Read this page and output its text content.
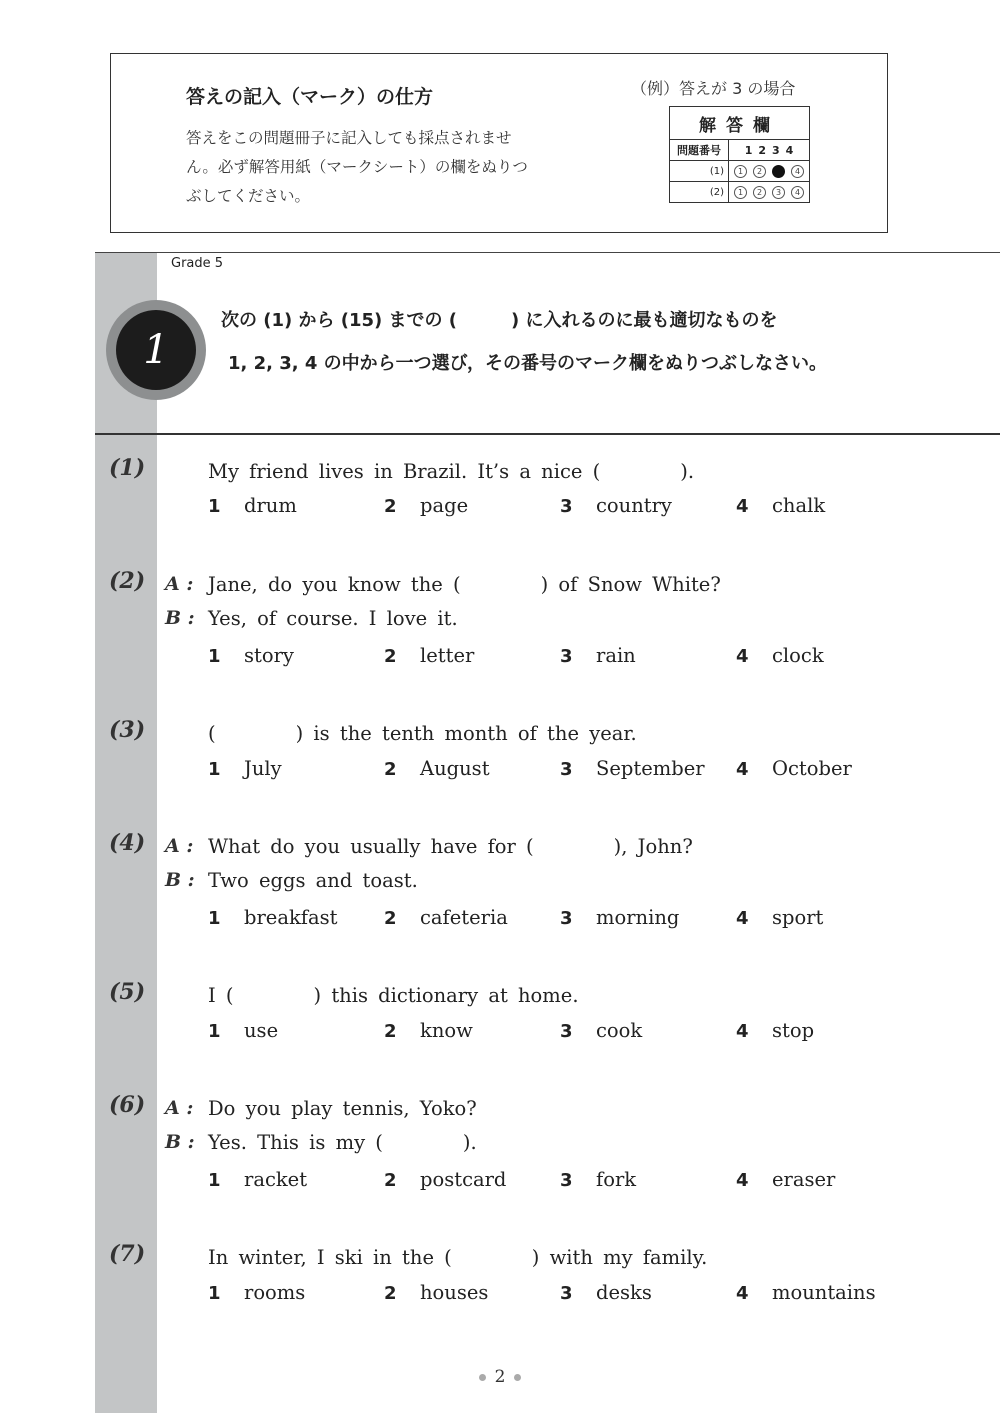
答えの記入（マーク）の仕方
答えをこの問題冊子に記入しても採点されません。必ず解答用紙（マークシート）の欄をぬりつぶしてください。
（例）答えが 3 の場合
解答欄	
問題番号	1 2 3 4
(1)	1 2 4
(2)	1 2 3 4
Grade 5
1
次の (1) から (15) までの (　　　) に入れるのに最も適切なものを
1, 2, 3, 4 の中から一つ選び，その番号のマーク欄をぬりつぶしなさい。
(1)	My friend lives in Brazil. It’s a nice (	).
1 drum	2 page	3 country	4 chalk
(2) A : Jane, do you know the (	) of Snow White?
B : Yes, of course. I love it.
1 story	2 letter	3 rain	4 clock
(3)	(	) is the tenth month of the year.
1 July	2 August	3 September 4 October
(4) A : What do you usually have for (	), John?
B : Two eggs and toast.
1 breakfast	2 cafeteria	3 morning	4 sport
(5)	I (	) this dictionary at home.
1 use	2 know	3 cook	4 stop
(6) A : Do you play tennis, Yoko?
B : Yes. This is my (	).
1 racket	2 postcard	3 fork	4 eraser
(7)	In winter, I ski in the (	) with my family.
1 rooms	2 houses	3 desks	4 mountains
2
